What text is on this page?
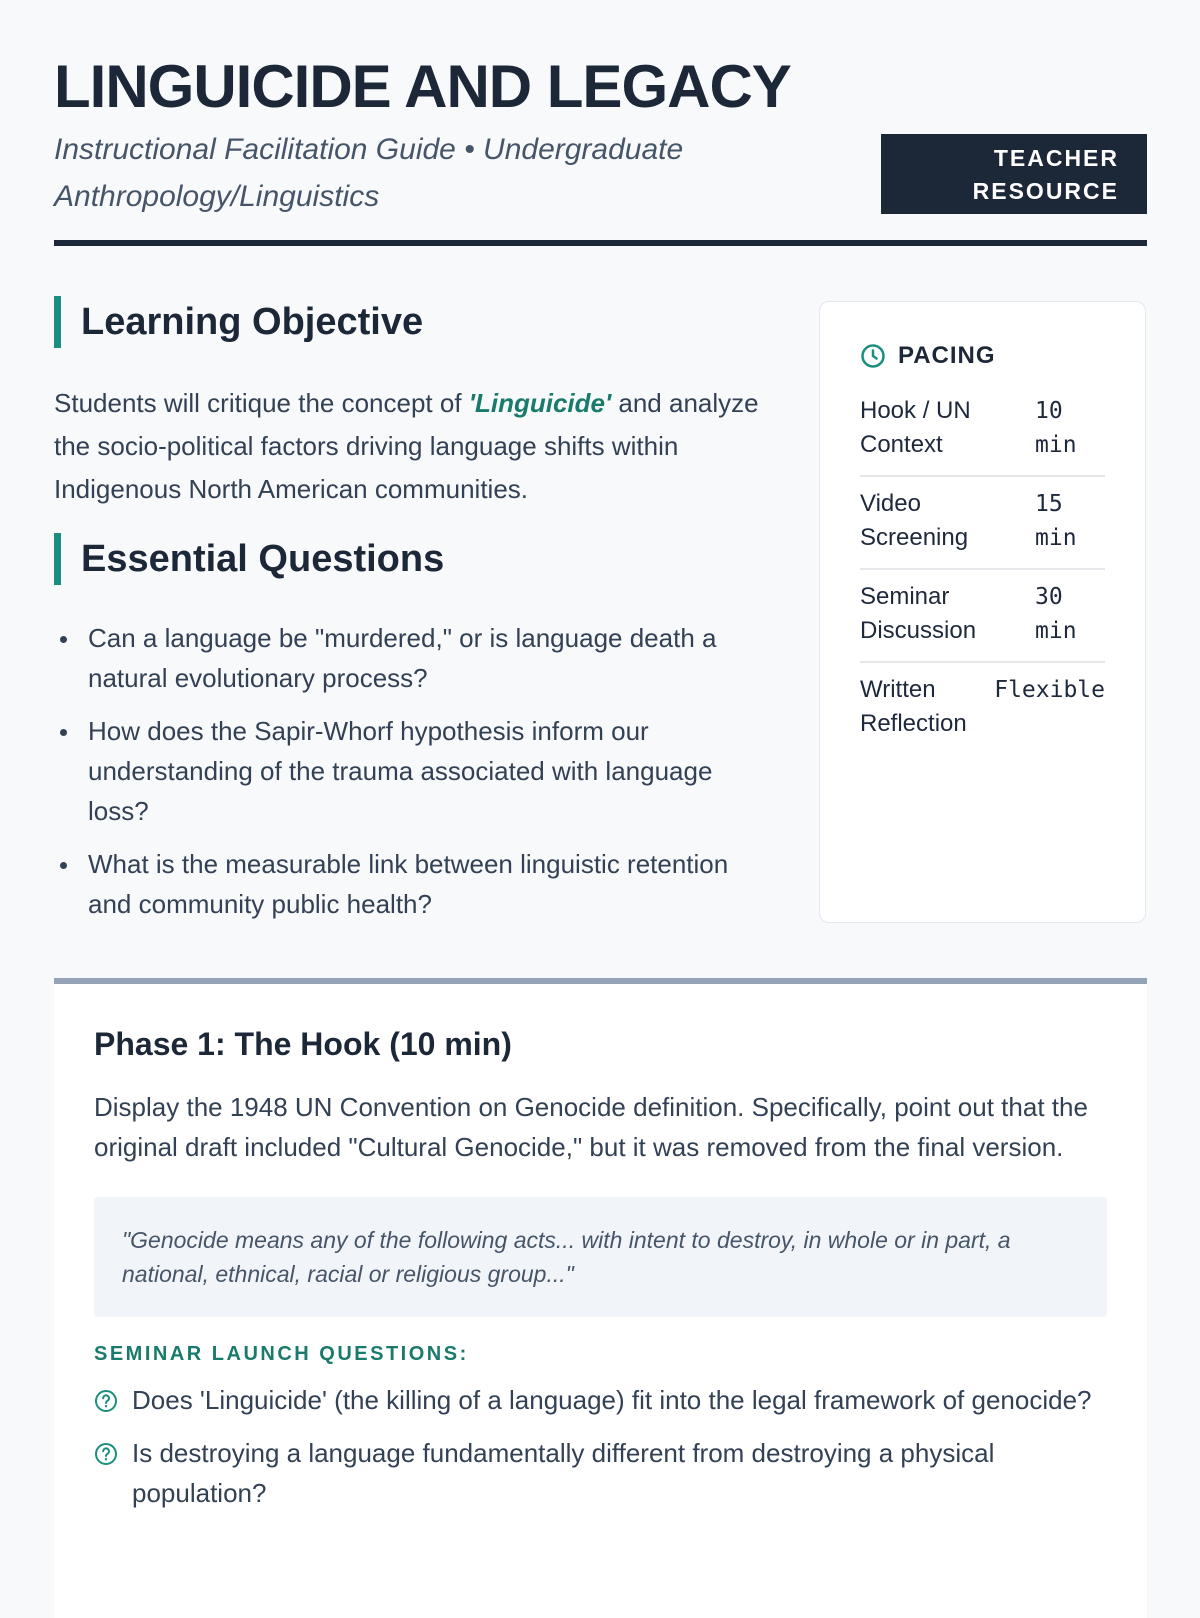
LINGUICIDE AND LEGACY
Instructional Facilitation Guide • Undergraduate Anthropology/Linguistics
TEACHER RESOURCE
Learning Objective
Students will critique the concept of 'Linguicide' and analyze the socio-political factors driving language shifts within Indigenous North American communities.
Essential Questions
Can a language be "murdered," or is language death a natural evolutionary process?
How does the Sapir-Whorf hypothesis inform our understanding of the trauma associated with language loss?
What is the measurable link between linguistic retention and community public health?
PACING
Hook / UN Context
10 min
Video Screening
15 min
Seminar Discussion
30 min
Written Reflection
Flexible
Phase 1: The Hook (10 min)
Display the 1948 UN Convention on Genocide definition. Specifically, point out that the original draft included "Cultural Genocide," but it was removed from the final version.
"Genocide means any of the following acts... with intent to destroy, in whole or in part, a national, ethnical, racial or religious group..."
SEMINAR LAUNCH QUESTIONS:
Does 'Linguicide' (the killing of a language) fit into the legal framework of genocide?
Is destroying a language fundamentally different from destroying a physical population?
